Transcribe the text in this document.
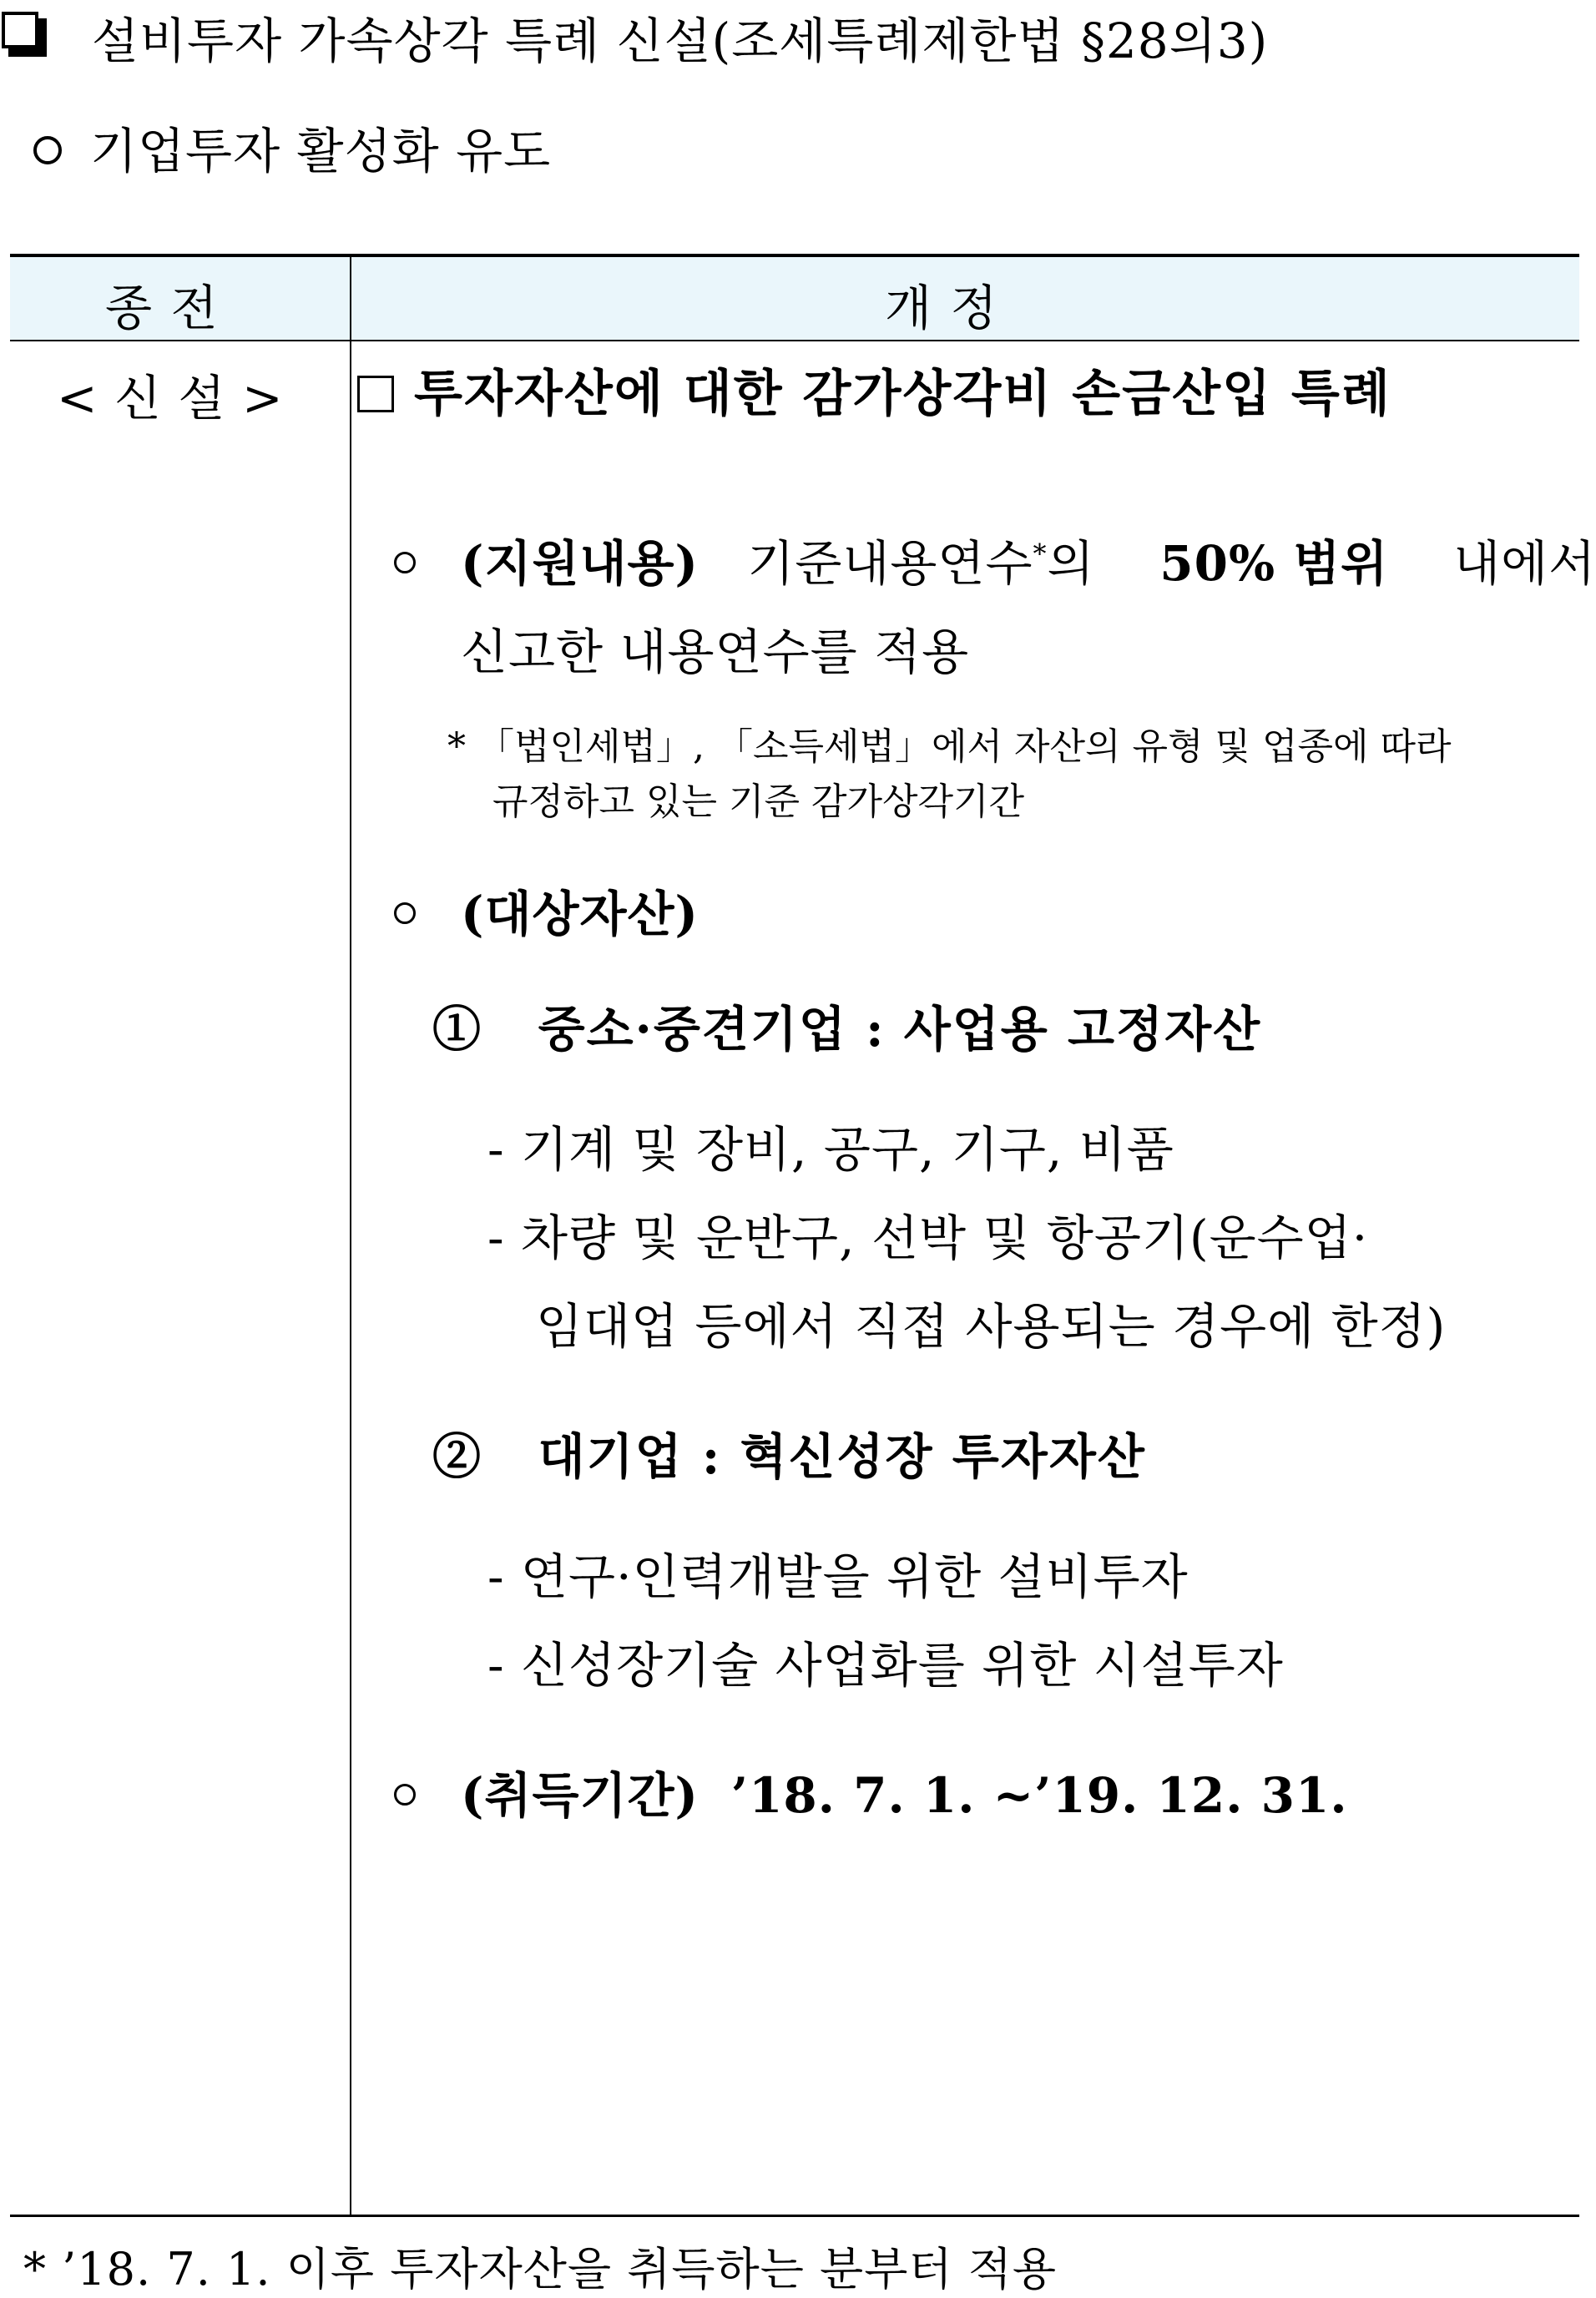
설비투자 가속상각 특례 신설(조세특례제한법 §28의3)
기업투자 활성화 유도
종 전	개 정
< 신 설 >	투자자산에 대한 감가상각비 손금산입 특례
(지원내용) 기준내용연수*의 50% 범위 내에서
신고한 내용연수를 적용
* 「법인세법」, 「소득세법」에서 자산의 유형 및 업종에 따라
규정하고 있는 기준 감가상각기간
(대상자산)
① 중소·중견기업 : 사업용 고정자산
- 기계 및 장비, 공구, 기구, 비품
- 차량 및 운반구, 선박 및 항공기(운수업·
임대업 등에서 직접 사용되는 경우에 한정)
② 대기업 : 혁신성장 투자자산
- 연구·인력개발을 위한 설비투자
- 신성장기술 사업화를 위한 시설투자
(취득기간) ’18. 7. 1. ~’19. 12. 31.
* ’18. 7. 1. 이후 투자자산을 취득하는 분부터 적용
